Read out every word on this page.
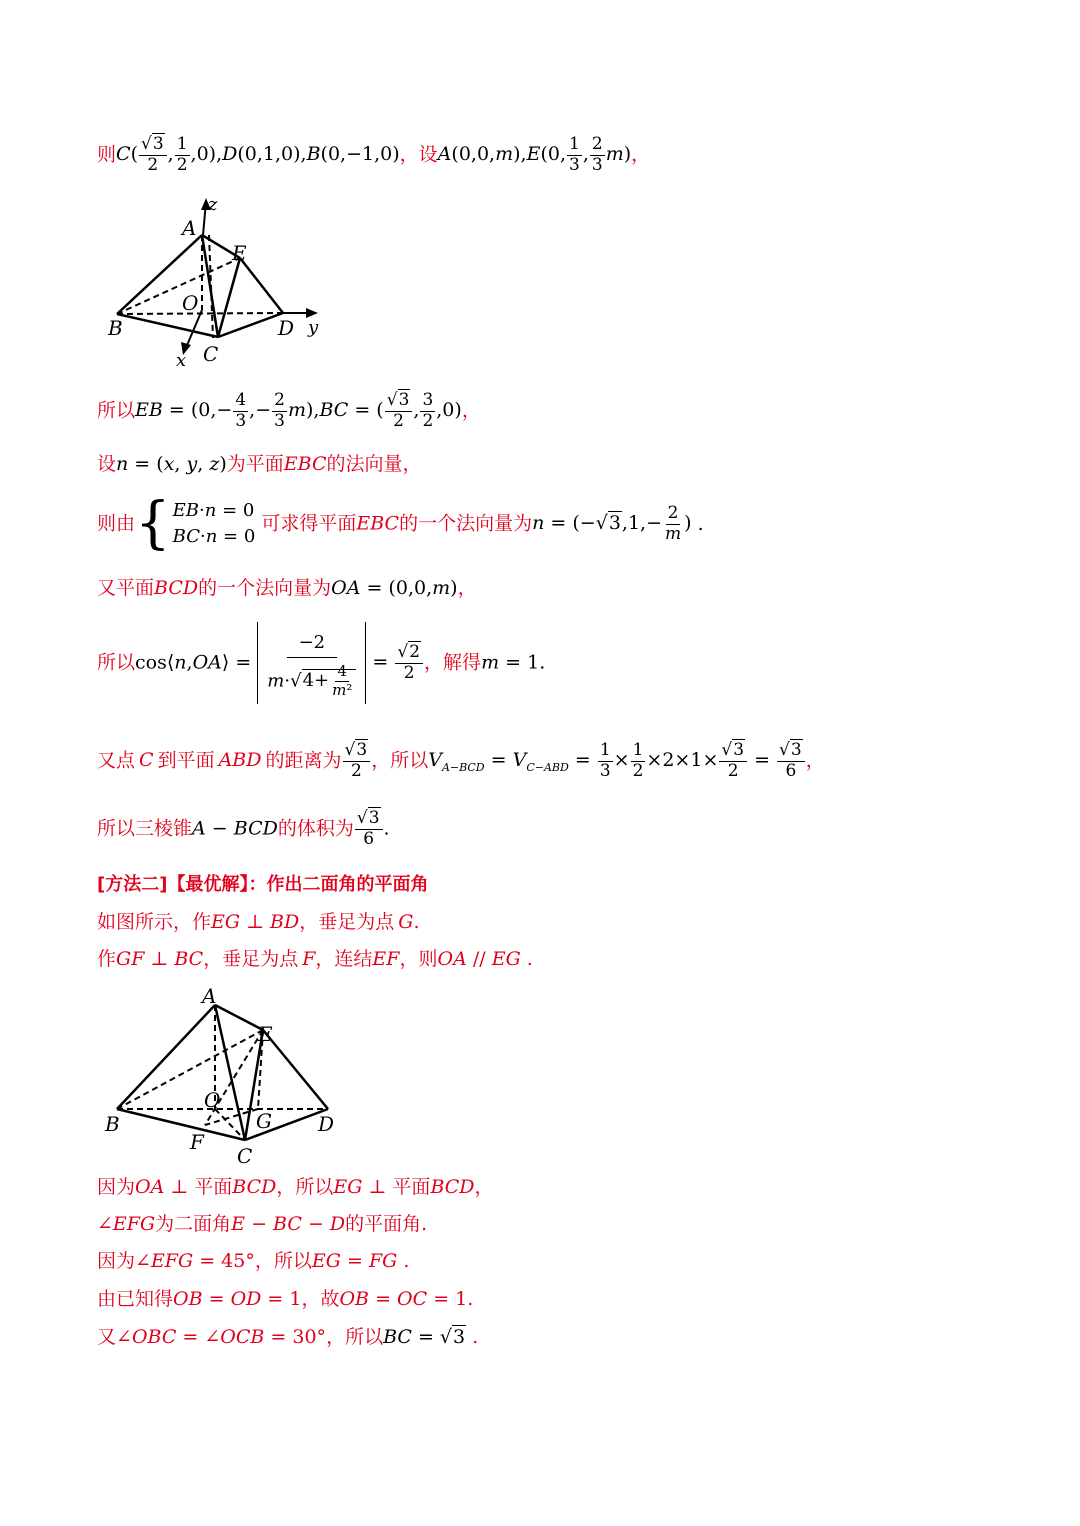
则$C( \frac{√3}{2}$ , $\frac{1}{2} ,0),D(0,1,0),B(0,-1,0)$，设A(0,0,m),E(0, $\frac{1}{3}$ , $\frac{2}{3} m$)，
z
A
E
O
B	D y
x C
所以EB = ($0,- \frac{4}{3}$ ,− $\frac{2}{3} m),BC$ = ( $\frac{√3}{2}$ , $\frac{3}{2} ,0$)，
设n = (x, y, z)为平面EBC的法向量，
则由 { EB·n = 0
BC·n = 0
可求得平面EBC的一个法向量为$n = (-√3,1,- \frac{2}{m}$ ) .
又平面BCD的一个法向量为OA = (0,0,m)，
所以cos⟨n,OA⟩ = $\frac{-2}{m\cdot√4+ \frac{4}{\text{m²}}} = \frac{√2}{2}$ ，解得m = 1.
又点 C 到平面 ABD 的距离为 $\frac{√3}{2}$ ，所以$V_{A-BCD} = V_{C-ABD} = \frac{1}{3} \times \frac{1}{2} \times 2\times 1\times \frac{√3}{2} = \frac{√3}{6}$ ，
所以三棱锥A − BCD的体积为 $\frac{√3}{6}$ .
[方法二]【最优解】：作出二面角的平面角
如图所示，作EG ⊥ BD，垂足为点 G.
作GF ⊥ BC，垂足为点 F，连结EF，则OA // EG .
A
E
O
G
B
F
C
D
因为OA ⊥ 平面BCD，所以EG ⊥ 平面BCD，
∠EFG为二面角E − BC − D的平面角.
因为∠EFG = 45°，所以EG = FG .
由已知得OB = OD = 1，故OB = OC = 1.
又∠OBC = ∠OCB = 30°，所以BC = √3 .
